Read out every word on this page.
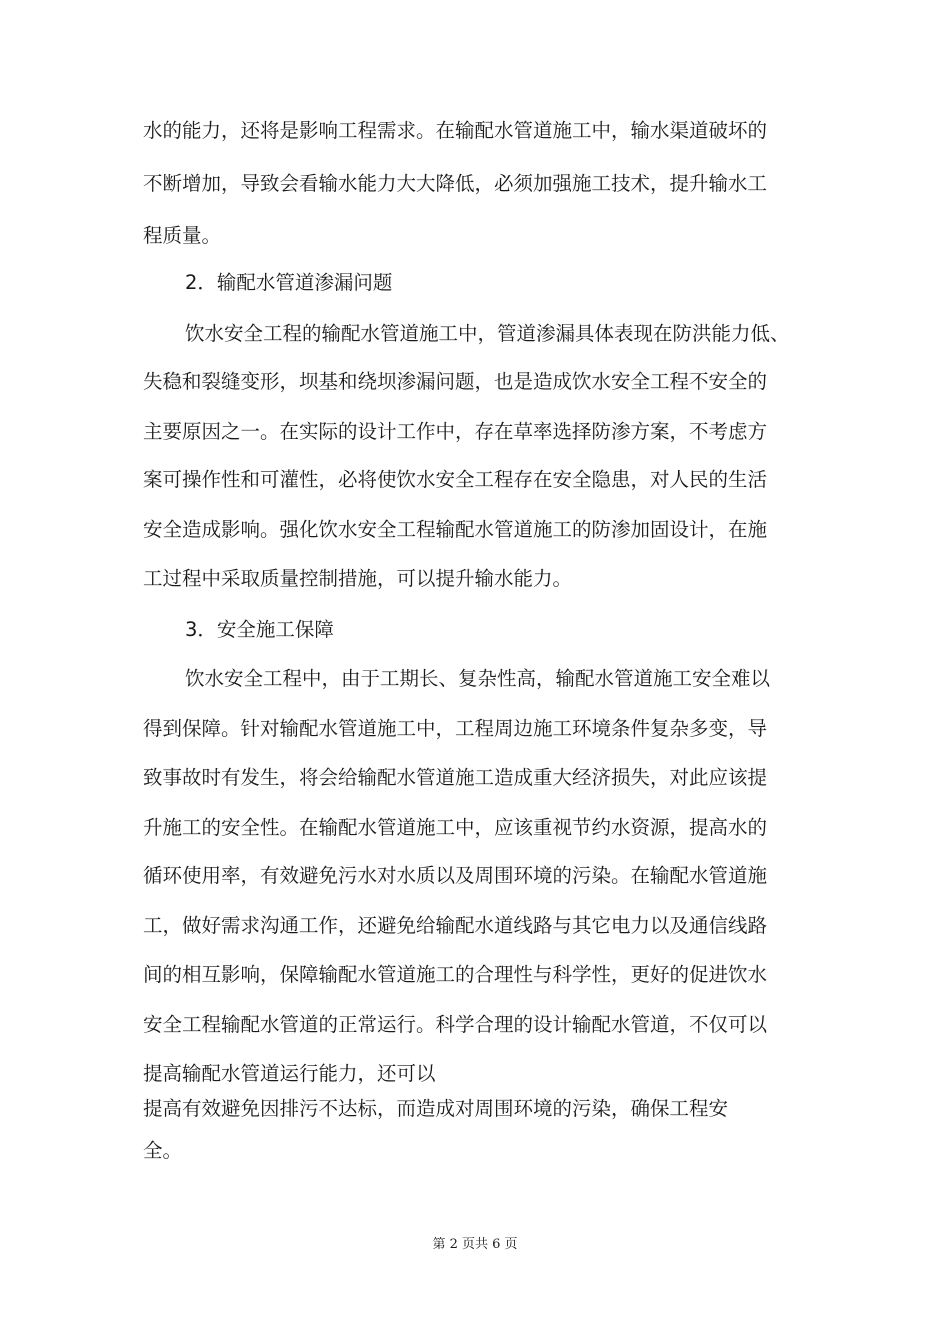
水的能力，还将是影响工程需求。在输配水管道施工中，输水渠道破坏的
不断增加，导致会看输水能力大大降低，必须加强施工技术，提升输水工
程质量。
2．输配水管道渗漏问题
饮水安全工程的输配水管道施工中，管道渗漏具体表现在防洪能力低、
失稳和裂缝变形，坝基和绕坝渗漏问题，也是造成饮水安全工程不安全的
主要原因之一。在实际的设计工作中，存在草率选择防渗方案，不考虑方
案可操作性和可灌性，必将使饮水安全工程存在安全隐患，对人民的生活
安全造成影响。强化饮水安全工程输配水管道施工的防渗加固设计，在施
工过程中采取质量控制措施，可以提升输水能力。
3．安全施工保障
饮水安全工程中，由于工期长、复杂性高，输配水管道施工安全难以
得到保障。针对输配水管道施工中，工程周边施工环境条件复杂多变，导
致事故时有发生，将会给输配水管道施工造成重大经济损失，对此应该提
升施工的安全性。在输配水管道施工中，应该重视节约水资源，提高水的
循环使用率，有效避免污水对水质以及周围环境的污染。在输配水管道施
工，做好需求沟通工作，还避免给输配水道线路与其它电力以及通信线路
间的相互影响，保障输配水管道施工的合理性与科学性，更好的促进饮水
安全工程输配水管道的正常运行。科学合理的设计输配水管道，不仅可以
提高输配水管道运行能力，还可以
提高有效避免因排污不达标，而造成对周围环境的污染，确保工程安
全。
第 2 页共 6 页
